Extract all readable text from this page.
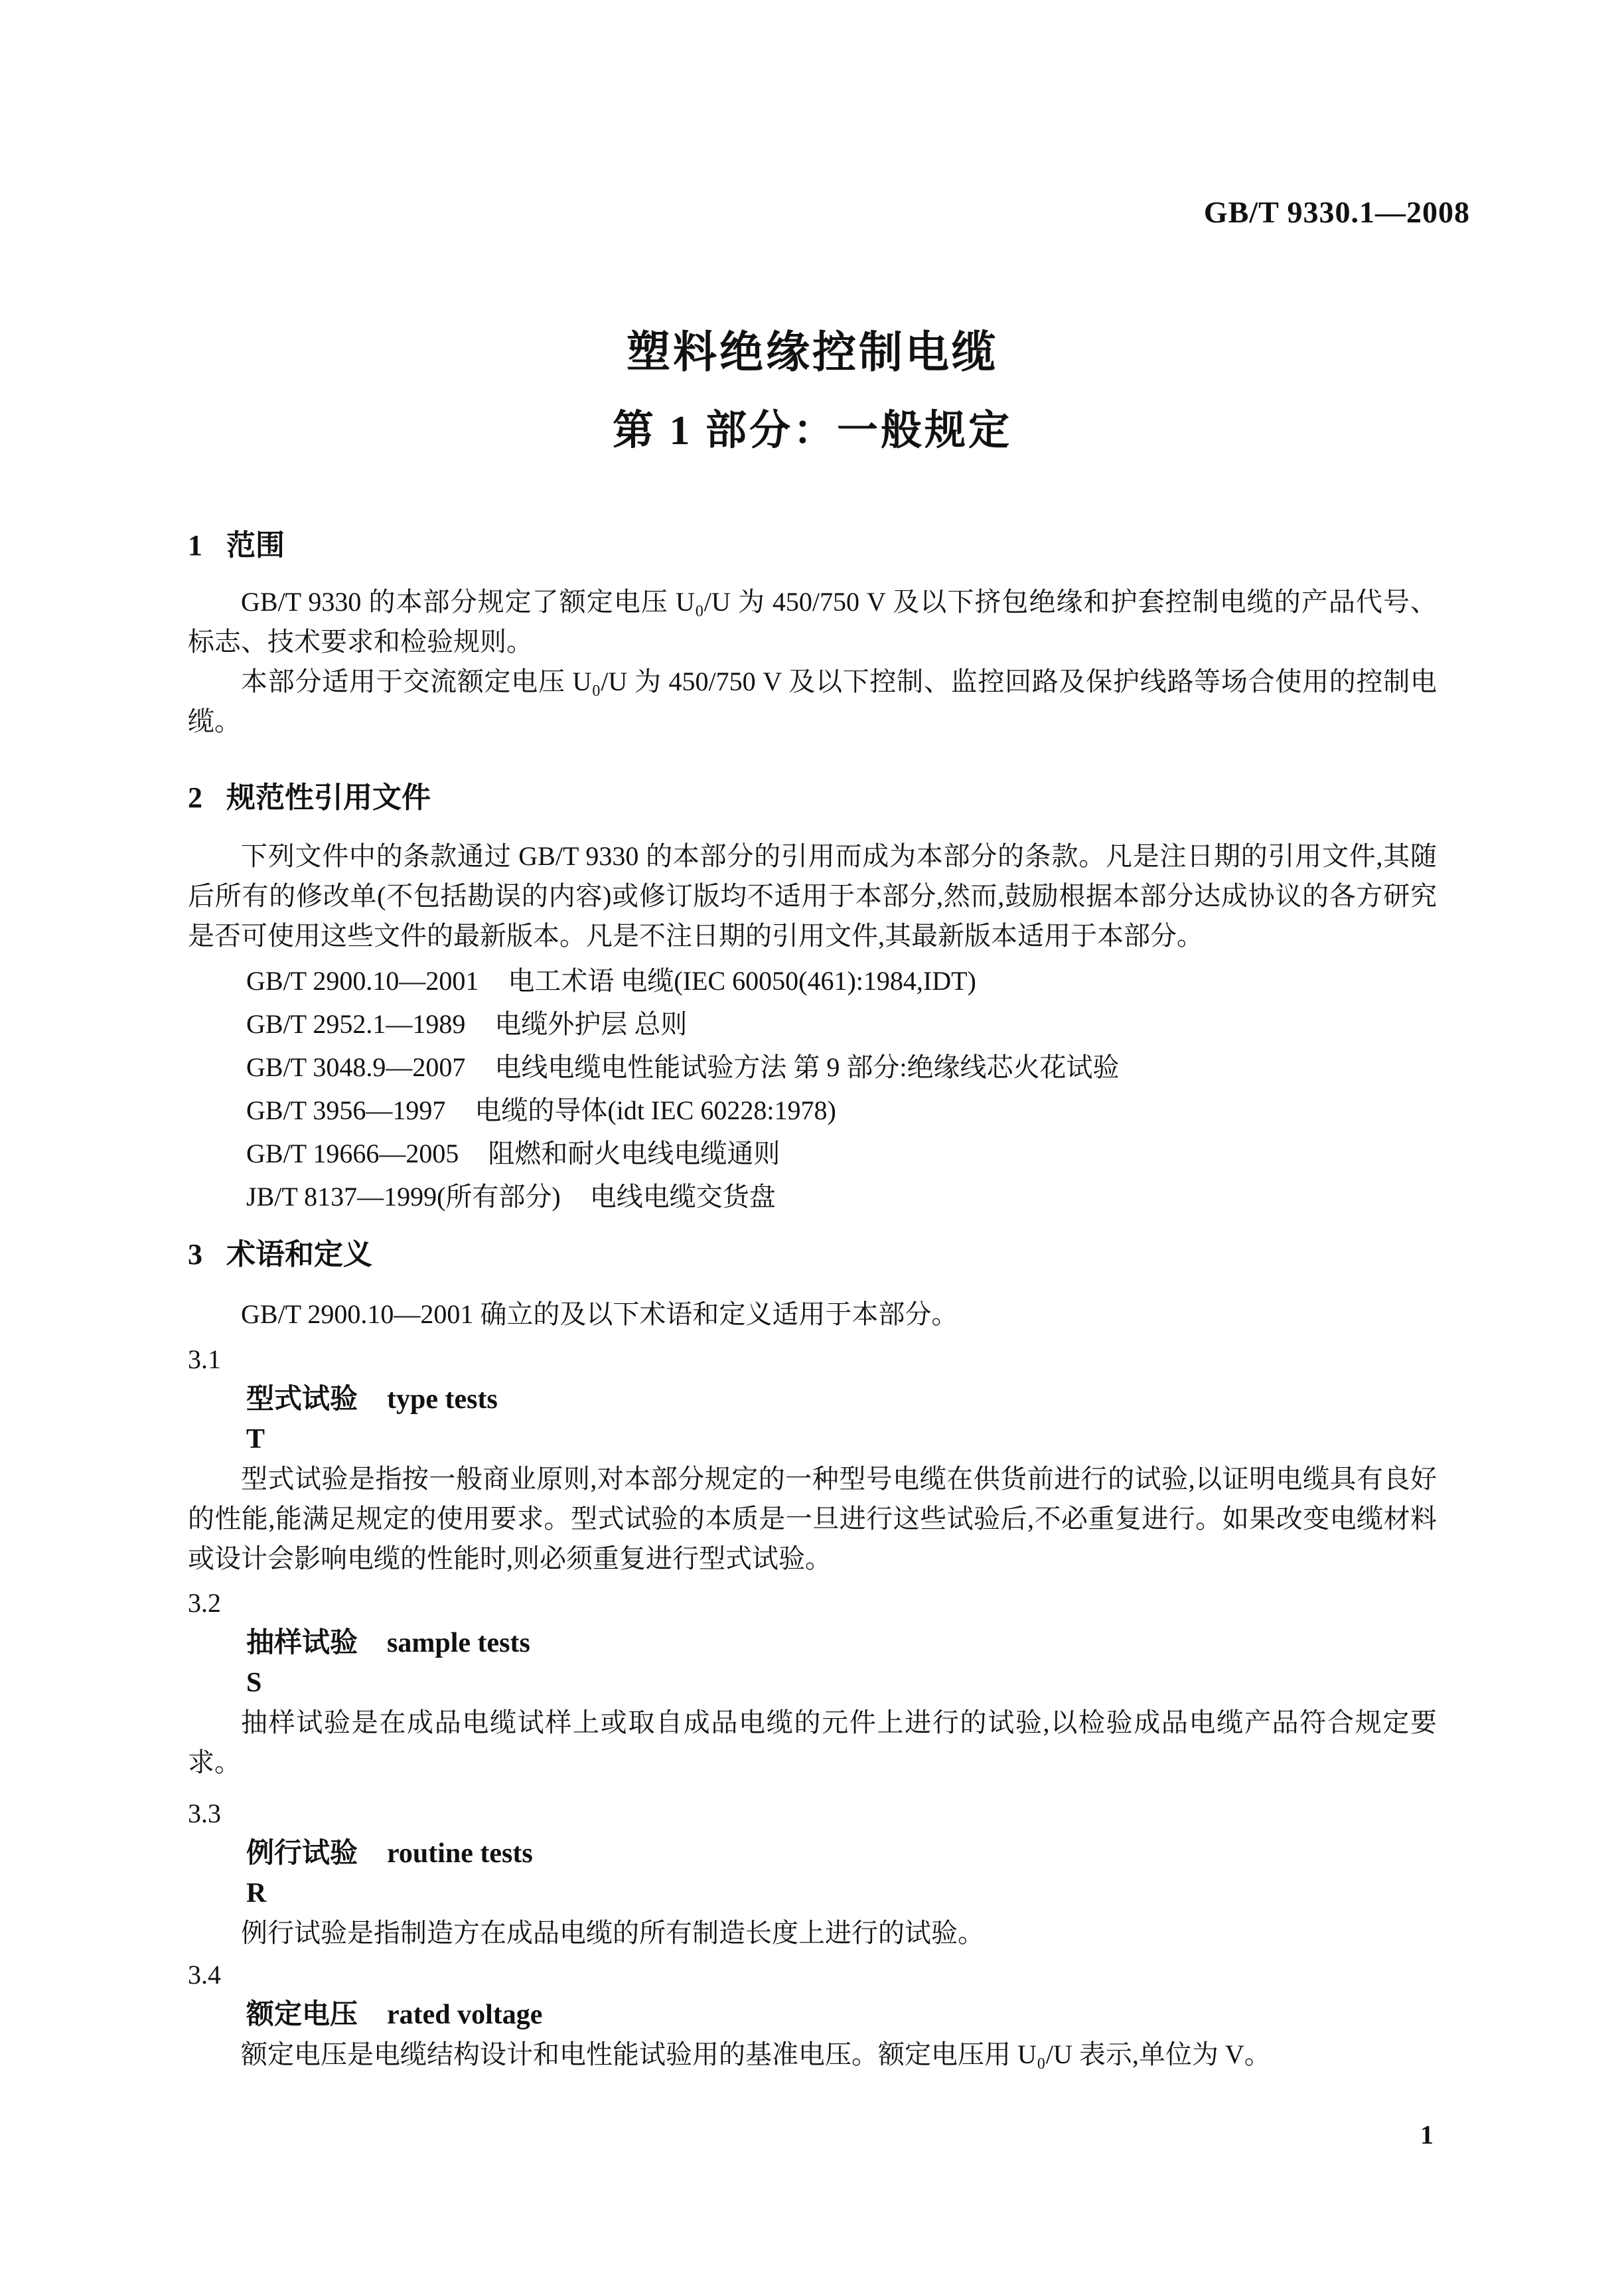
GB/T 9330.1—2008
塑料绝缘控制电缆
第 1 部分：一般规定
1 范围

GB/T 9330 的本部分规定了额定电压 U₀/U 为 450/750 V 及以下挤包绝缘和护套控制电缆的产品代号、标志、技术要求和检验规则。

本部分适用于交流额定电压 U₀/U 为 450/750 V 及以下控制、监控回路及保护线路等场合使用的控制电缆。

2 规范性引用文件

下列文件中的条款通过 GB/T 9330 的本部分的引用而成为本部分的条款。凡是注日期的引用文件,其随后所有的修改单(不包括勘误的内容)或修订版均不适用于本部分,然而,鼓励根据本部分达成协议的各方研究是否可使用这些文件的最新版本。凡是不注日期的引用文件,其最新版本适用于本部分。

GB/T 2900.10—2001 电工术语 电缆(IEC 60050(461):1984,IDT)
GB/T 2952.1—1989 电缆外护层 总则
GB/T 3048.9—2007 电线电缆电性能试验方法 第 9 部分:绝缘线芯火花试验
GB/T 3956—1997 电缆的导体(idt IEC 60228:1978)
GB/T 19666—2005 阻燃和耐火电线电缆通则
JB/T 8137—1999(所有部分) 电线电缆交货盘
3 术语和定义

GB/T 2900.10—2001 确立的及以下术语和定义适用于本部分。

3.1
型式试验 type tests
T

型式试验是指按一般商业原则,对本部分规定的一种型号电缆在供货前进行的试验,以证明电缆具有良好的性能,能满足规定的使用要求。型式试验的本质是一旦进行这些试验后,不必重复进行。如果改变电缆材料或设计会影响电缆的性能时,则必须重复进行型式试验。

3.2
抽样试验 sample tests
S

抽样试验是在成品电缆试样上或取自成品电缆的元件上进行的试验,以检验成品电缆产品符合规定要求。

3.3
例行试验 routine tests
R

例行试验是指制造方在成品电缆的所有制造长度上进行的试验。

3.4
额定电压 rated voltage

额定电压是电缆结构设计和电性能试验用的基准电压。额定电压用 U₀/U 表示,单位为 V。

1
